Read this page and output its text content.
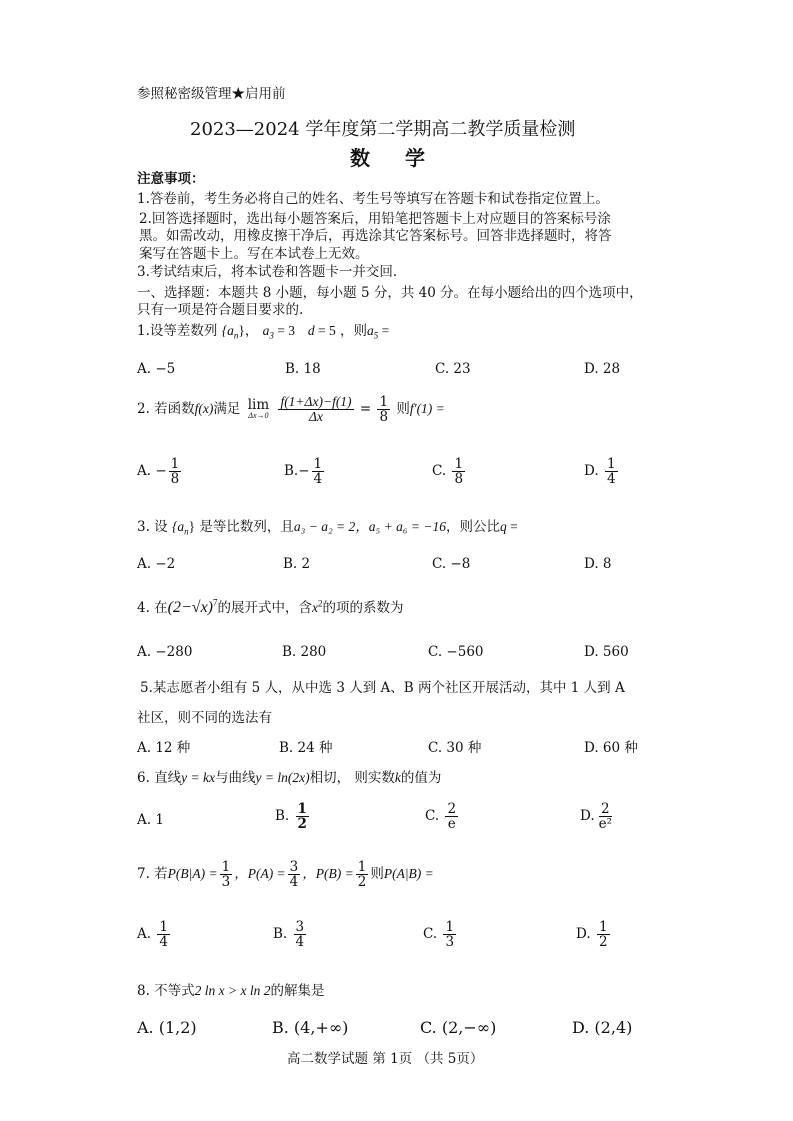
参照秘密级管理★启用前
2023—2024 学年度第二学期高二教学质量检测
数 学
注意事项：
1.答卷前，考生务必将自己的姓名、考生号等填写在答题卡和试卷指定位置上。
2.回答选择题时，选出每小题答案后，用铅笔把答题卡上对应题目的答案标号涂
黑。如需改动，用橡皮擦干净后，再选涂其它答案标号。回答非选择题时，将答
案写在答题卡上。写在本试卷上无效。
3.考试结束后，将本试卷和答题卡一并交回.
一、选择题：本题共 8 小题，每小题 5 分，共 40 分。在每小题给出的四个选项中，
只有一项是符合题目要求的.
1.设等差数列 $\{a_n\}$， $a_3 = 3$ d = 5 ，则$a_5$ =
A. −5	B. 18	C. 23	D. 28
2. 若函数f(x)满足 lim
Δx→0
$\frac{f(1+\Delta x)-f(1)}{\Delta x} = \frac{1}{8}$ 则f′(1) =
A. − $\frac{1}{8}$	$B.- \frac{1}{4}$	C. $\frac{1}{8}$	D. $\frac{1}{4}$
3. 设 $\{a_n\}$ 是等比数列，且a₃ − a₂ = 2，a₅ + a₆ = −16，则公比q =
A. −2	B. 2	C. −8	D. 8
4. 在$(2-√x)^7$的展开式中，含$x^2$的项的系数为
A. −280	B. 280	C. −560	D. 560
5.某志愿者小组有 5 人，从中选 3 人到 A、B 两个社区开展活动，其中 1 人到 A
社区，则不同的选法有
A. 12 种	B. 24 种	C. 30 种	D. 60 种
6. 直线y = kx与曲线y = ln(2x)相切， 则实数k的值为
A. 1	B. $\frac{1}{2}$	C. $\frac{2}{e}$	D. $\frac{2}{\text{e²}}$
7. 若$P(B|A) = \frac{1}{3}$ ，$P(A) = \frac{3}{4}$ ，$P(B) = \frac{1}{2}$ 则P(A|B) =
A. $\frac{1}{4}$	B. $\frac{3}{4}$	C. $\frac{1}{3}$	D. $\frac{1}{2}$
8. 不等式2 ln x > x ln 2的解集是
A. (1,2)	B. (4,+∞)	C. (2,−∞)	D. (2,4)
高二数学试题 第 1页 （共 5页）
